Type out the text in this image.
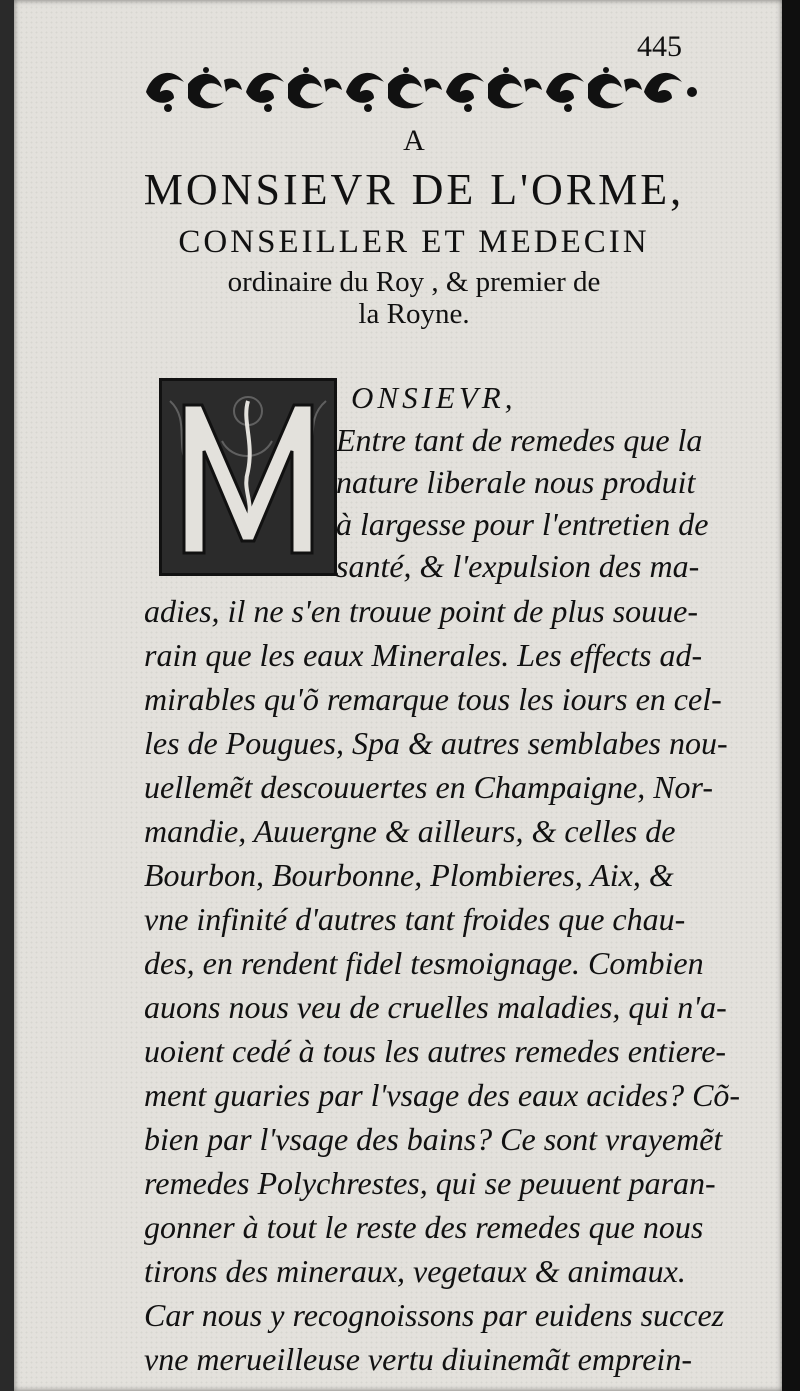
445
A
MONSIEVR DE L'ORME,
CONSEILLER ET MEDECIN
ordinaire du Roy , & premier de
la Royne.
ONSIEVR,
Entre tant de remedes que la
nature liberale nous produit
à largesse pour l'entretien de
santé, & l'expulsion des ma-
adies, il ne s'en trouue point de plus souue-
rain que les eaux Minerales. Les effects ad-
mirables qu'õ remarque tous les iours en cel-
les de Pougues, Spa & autres semblabes nou-
uellemẽt descouuertes en Champaigne, Nor-
mandie, Auuergne & ailleurs, & celles de
Bourbon, Bourbonne, Plombieres, Aix, &
vne infinité d'autres tant froides que chau-
des, en rendent fidel tesmoignage. Combien
auons nous veu de cruelles maladies, qui n'a-
uoient cedé à tous les autres remedes entiere-
ment guaries par l'vsage des eaux acides? Cõ-
bien par l'vsage des bains? Ce sont vrayemẽt
remedes Polychrestes, qui se peuuent paran-
gonner à tout le reste des remedes que nous
tirons des mineraux, vegetaux & animaux.
Car nous y recognoissons par euidens succez
vne merueilleuse vertu diuinemãt emprein-
